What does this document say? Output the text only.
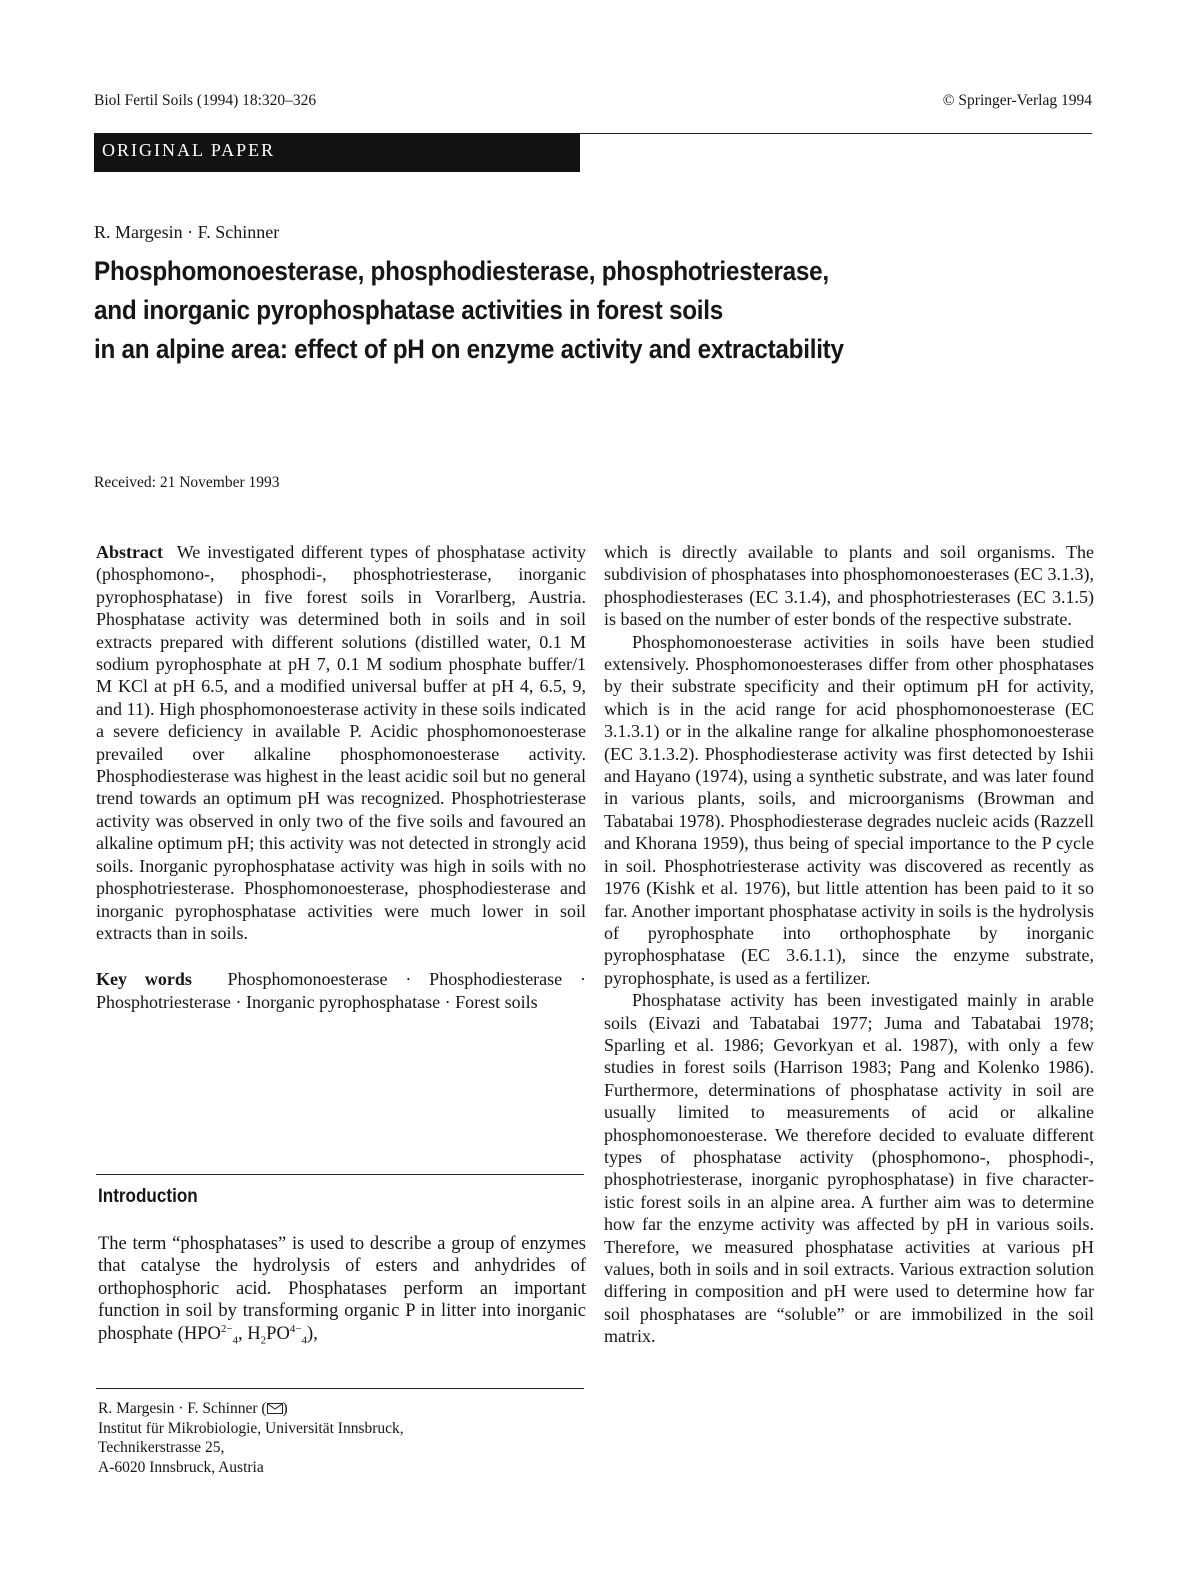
Biol Fertil Soils (1994) 18:320–326	© Springer-Verlag 1994
ORIGINAL PAPER
R. Margesin · F. Schinner
Phosphomonoesterase, phosphodiesterase, phosphotriesterase,
and inorganic pyrophosphatase activities in forest soils
in an alpine area: effect of pH on enzyme activity and extractability
Received: 21 November 1993

Abstract We investigated different types of phosphatase activity (phosphomono-, phosphodi-, phosphotriesterase, inorganic pyrophosphatase) in five forest soils in Vorarlberg, Austria. Phosphatase activity was determined both in soils and in soil extracts prepared with different solutions (distilled water, 0.1 M sodium pyrophosphate at pH 7, 0.1 M sodium phosphate buffer/1 M KCl at pH 6.5, and a modified universal buffer at pH 4, 6.5, 9, and 11). High phosphomonoesterase activity in these soils indicated a severe deficiency in available P. Acidic phosphomonoesterase prevailed over alkaline phosphomonoesterase activity. Phosphodiesterase was highest in the least acidic soil but no general trend towards an optimum pH was recognized. Phosphotriesterase activity was observed in only two of the five soils and favoured an alkaline optimum pH; this activity was not detected in strongly acid soils. Inorganic pyrophosphatase activity was high in soils with no phosphotriesterase. Phosphomonoesterase, phosphodiesterase and inorganic pyrophosphatase activities were much lower in soil extracts than in soils.

Key words Phosphomonoesterase · Phosphodiesterase · Phosphotriesterase · Inorganic pyrophosphatase · Forest soils

Introduction

The term “phosphatases” is used to describe a group of enzymes that catalyse the hydrolysis of esters and anhydrides of orthophosphoric acid. Phosphatases perform an important function in soil by transforming organic P in litter into inorganic phosphate ($HPO^{2-}_4$, $H_2PO^{4-}_4$),

R. Margesin · F. Schinner ( )
Institut für Mikrobiologie, Universität Innsbruck,
Technikerstrasse 25,
A-6020 Innsbruck, Austria

which is directly available to plants and soil organisms. The subdivision of phosphatases into phosphomonoesterases (EC 3.1.3), phosphodiesterases (EC 3.1.4), and phosphotriesterases (EC 3.1.5) is based on the number of ester bonds of the respective substrate.

Phosphomonoesterase activities in soils have been studied extensively. Phosphomonoesterases differ from other phosphatases by their substrate specificity and their optimum pH for activity, which is in the acid range for acid phosphomonoesterase (EC 3.1.3.1) or in the alkaline range for alkaline phosphomonoesterase (EC 3.1.3.2). Phosphodiesterase activity was first detected by Ishii and Hayano (1974), using a synthetic substrate, and was later found in various plants, soils, and microorganisms (Browman and Tabatabai 1978). Phosphodiesterase degrades nucleic acids (Razzell and Khorana 1959), thus being of special importance to the P cycle in soil. Phosphotriesterase activity was discovered as recently as 1976 (Kishk et al. 1976), but little attention has been paid to it so far. Another important phosphatase activity in soils is the hydrolysis of pyrophosphate into orthophosphate by inorganic pyrophosphatase (EC 3.6.1.1), since the enzyme substrate, pyrophosphate, is used as a fertilizer.

Phosphatase activity has been investigated mainly in arable soils (Eivazi and Tabatabai 1977; Juma and Tabatabai 1978; Sparling et al. 1986; Gevorkyan et al. 1987), with only a few studies in forest soils (Harrison 1983; Pang and Kolenko 1986). Furthermore, determinations of phosphatase activity in soil are usually limited to measurements of acid or alkaline phosphomonoesterase. We therefore decided to evaluate different types of phosphatase activity (phosphomono-, phosphodi-, phosphotriesterase, inorganic pyrophosphatase) in five characteristic forest soils in an alpine area. A further aim was to determine how far the enzyme activity was affected by pH in various soils. Therefore, we measured phosphatase activities at various pH values, both in soils and in soil extracts. Various extraction solution differing in composition and pH were used to determine how far soil phosphatases are “soluble” or are immobilized in the soil matrix.
